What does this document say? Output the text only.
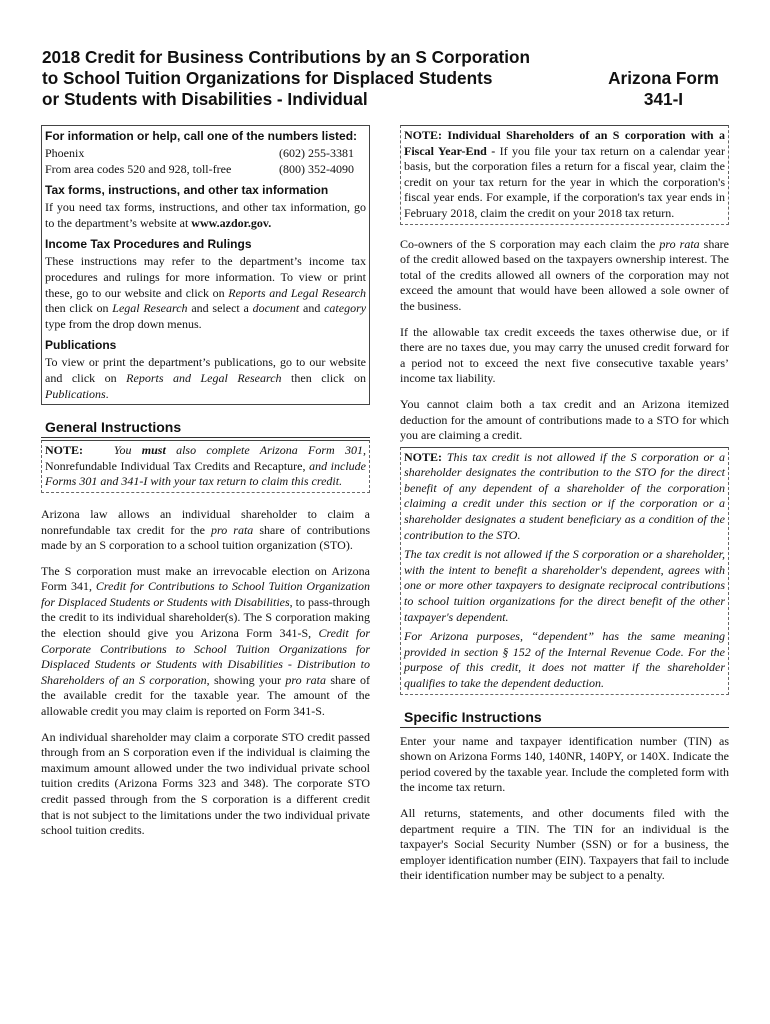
2018 Credit for Business Contributions by an S Corporation
to School Tuition Organizations for Displaced Students
or Students with Disabilities - Individual
Arizona Form
341-I
For information or help, call one of the numbers listed:
Phoenix	(602) 255-3381
From area codes 520 and 928, toll-free	(800) 352-4090
Tax forms, instructions, and other tax information

If you need tax forms, instructions, and other tax information, go to the department’s website at www.azdor.gov.

Income Tax Procedures and Rulings

These instructions may refer to the department’s income tax procedures and rulings for more information. To view or print these, go to our website and click on Reports and Legal Research then click on Legal Research and select a document and category type from the drop down menus.

Publications

To view or print the department’s publications, go to our website and click on Reports and Legal Research then click on Publications.

General Instructions

NOTE:	You must also complete Arizona Form 301, Nonrefundable Individual Tax Credits and Recapture, and include Forms 301 and 341-I with your tax return to claim this credit.

Arizona law allows an individual shareholder to claim a nonrefundable tax credit for the pro rata share of contributions made by an S corporation to a school tuition organization (STO).

The S corporation must make an irrevocable election on Arizona Form 341, Credit for Contributions to School Tuition Organization for Displaced Students or Students with Disabilities, to pass-through the credit to its individual shareholder(s). The S corporation making the election should give you Arizona Form 341-S, Credit for Corporate Contributions to School Tuition Organizations for Displaced Students or Students with Disabilities - Distribution to Shareholders of an S corporation, showing your pro rata share of the available credit for the taxable year. The amount of the allowable credit you may claim is reported on Form 341-S.

An individual shareholder may claim a corporate STO credit passed through from an S corporation even if the individual is claiming the maximum amount allowed under the two individual private school tuition credits (Arizona Forms 323 and 348). The corporate STO credit passed through from the S corporation is a different credit that is not subject to the limitations under the two individual private school tuition credits.

NOTE: Individual Shareholders of an S corporation with a Fiscal Year-End - If you file your tax return on a calendar year basis, but the corporation files a return for a fiscal year, claim the credit on your tax return for the year in which the corporation's fiscal year ends. For example, if the corporation's tax year ends in February 2018, claim the credit on your 2018 tax return.

Co-owners of the S corporation may each claim the pro rata share of the credit allowed based on the taxpayers ownership interest. The total of the credits allowed all owners of the corporation may not exceed the amount that would have been allowed a sole owner of the business.

If the allowable tax credit exceeds the taxes otherwise due, or if there are no taxes due, you may carry the unused credit forward for a period not to exceed the next five consecutive taxable years’ income tax liability.

You cannot claim both a tax credit and an Arizona itemized deduction for the amount of contributions made to a STO for which you are claiming a credit.

NOTE: This tax credit is not allowed if the S corporation or a shareholder designates the contribution to the STO for the direct benefit of any dependent of a shareholder of the corporation claiming a credit under this section or if the corporation or a shareholder designates a student beneficiary as a condition of the contribution to the STO.

The tax credit is not allowed if the S corporation or a shareholder, with the intent to benefit a shareholder's dependent, agrees with one or more other taxpayers to designate reciprocal contributions to school tuition organizations for the direct benefit of the other taxpayer's dependent.

For Arizona purposes, “dependent” has the same meaning provided in section § 152 of the Internal Revenue Code. For the purpose of this credit, it does not matter if the shareholder qualifies to take the dependent deduction.

Specific Instructions

Enter your name and taxpayer identification number (TIN) as shown on Arizona Forms 140, 140NR, 140PY, or 140X. Indicate the period covered by the taxable year. Include the completed form with the income tax return.

All returns, statements, and other documents filed with the department require a TIN. The TIN for an individual is the taxpayer's Social Security Number (SSN) or for a business, the employer identification number (EIN). Taxpayers that fail to include their identification number may be subject to a penalty.
